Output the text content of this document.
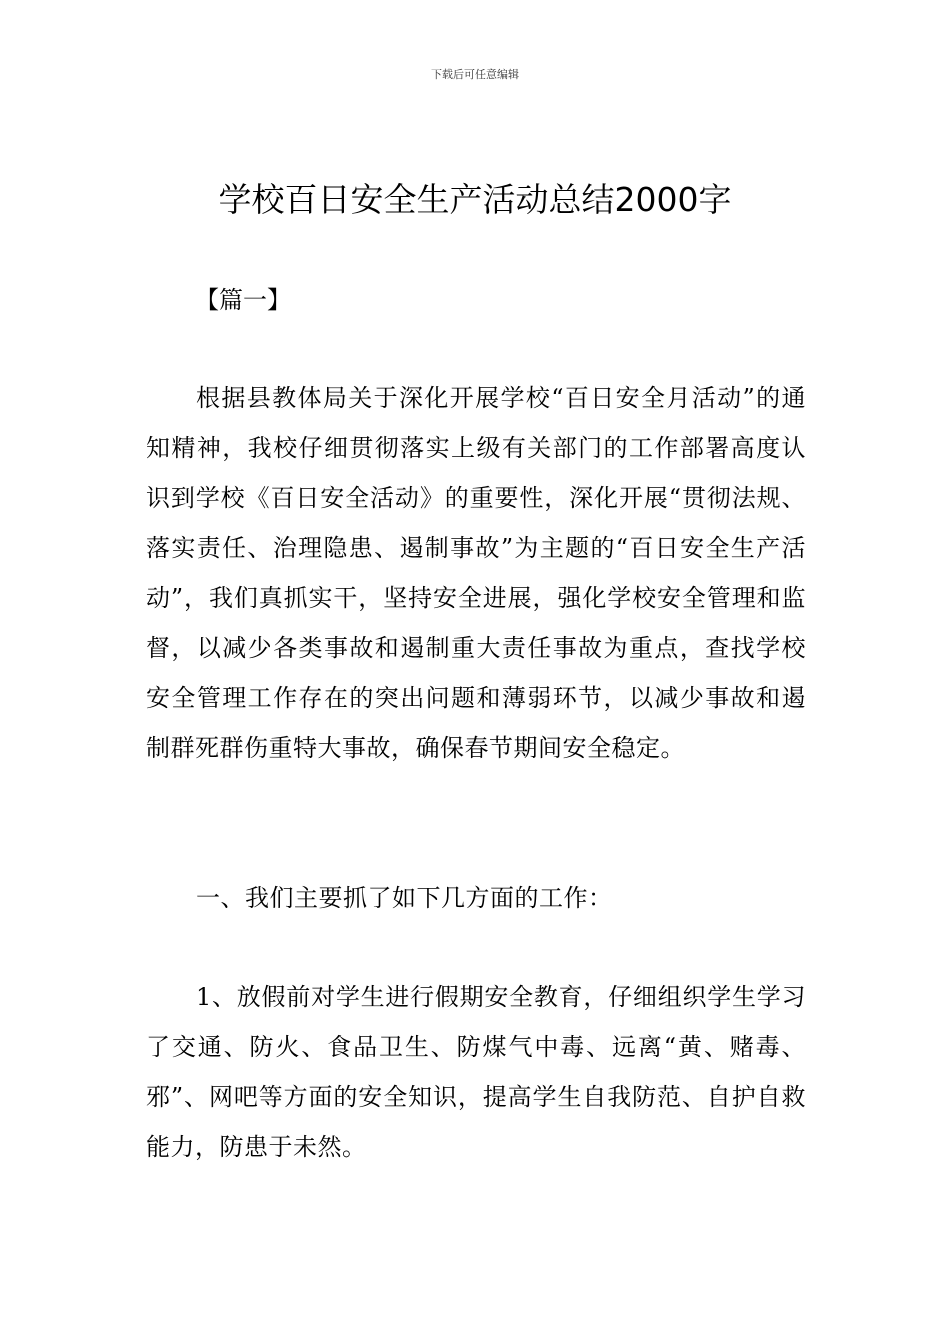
下载后可任意编辑
学校百日安全生产活动总结2000字
【篇一】

根据县教体局关于深化开展学校“百日安全月活动”的通知精神，我校仔细贯彻落实上级有关部门的工作部署高度认识到学校《百日安全活动》的重要性，深化开展“贯彻法规、落实责任、治理隐患、遏制事故”为主题的“百日安全生产活动”，我们真抓实干，坚持安全进展，强化学校安全管理和监督，以减少各类事故和遏制重大责任事故为重点，查找学校安全管理工作存在的突出问题和薄弱环节，以减少事故和遏制群死群伤重特大事故，确保春节期间安全稳定。

一、我们主要抓了如下几方面的工作：

1、放假前对学生进行假期安全教育，仔细组织学生学习了交通、防火、食品卫生、防煤气中毒、远离“黄、赌毒、邪”、网吧等方面的安全知识，提高学生自我防范、自护自救能力，防患于未然。
